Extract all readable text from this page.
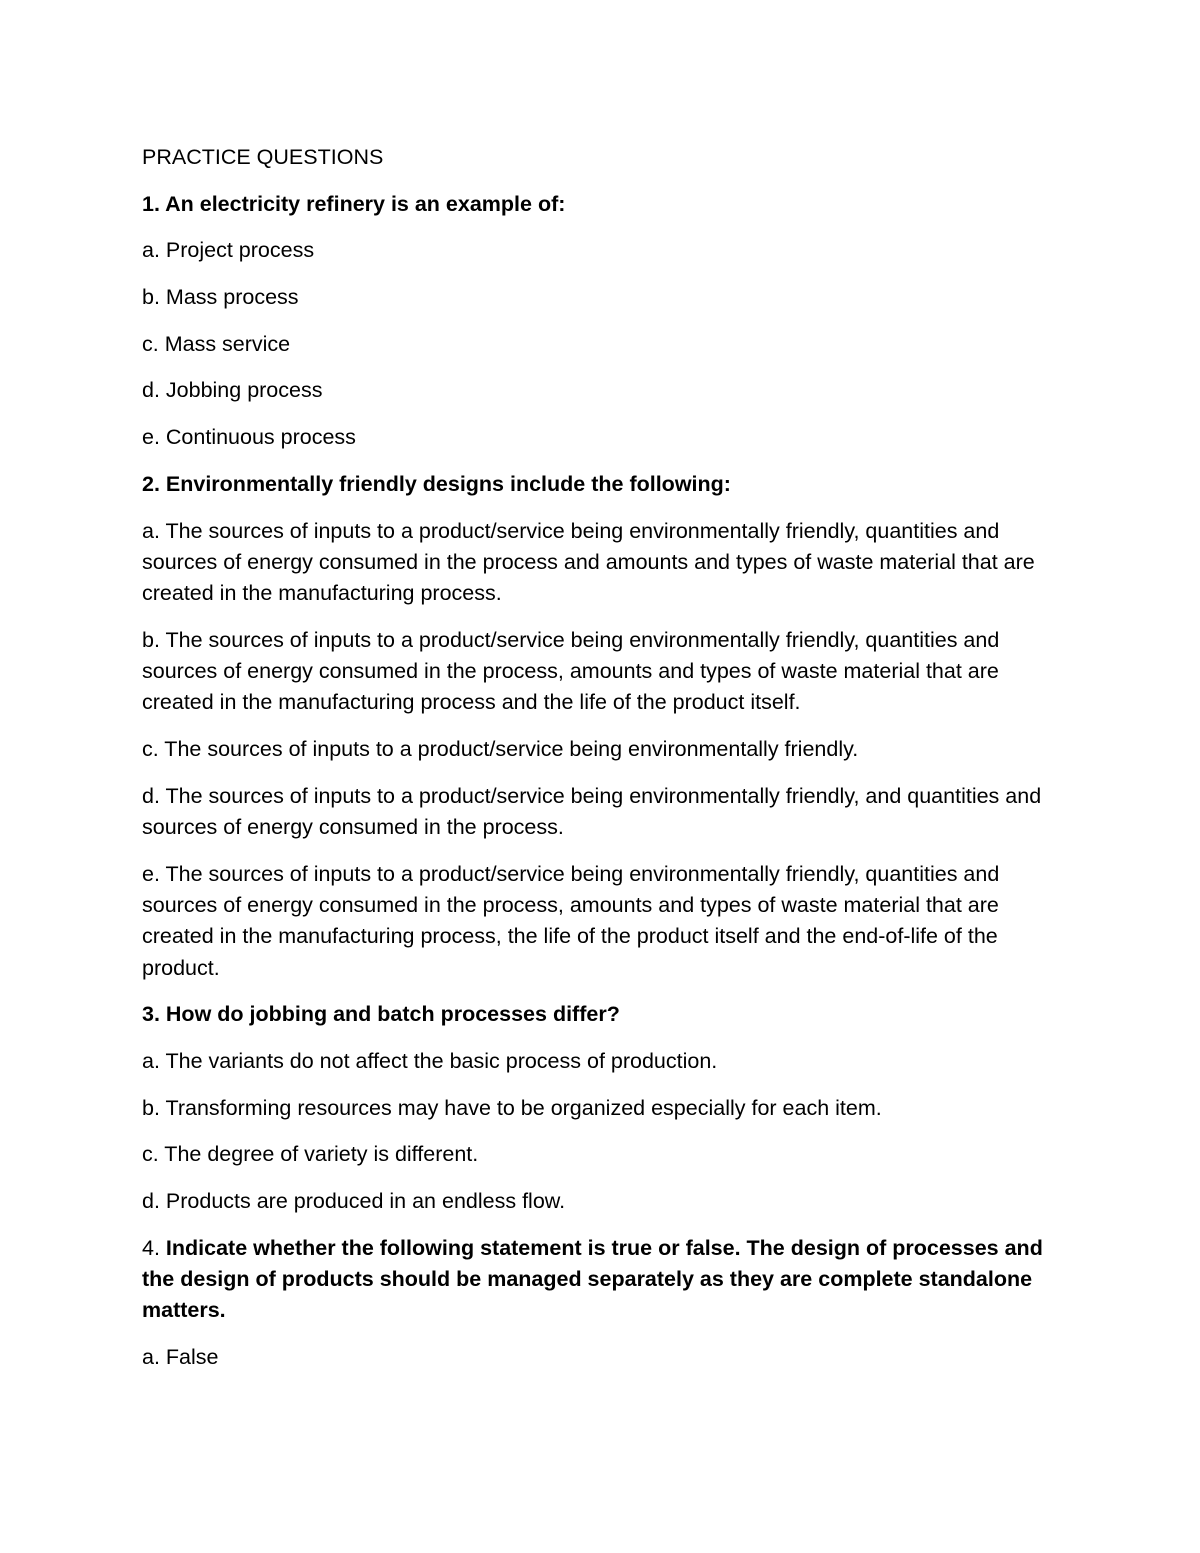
PRACTICE QUESTIONS

1. An electricity refinery is an example of:

a. Project process

b. Mass process

c. Mass service

d. Jobbing process

e. Continuous process

2. Environmentally friendly designs include the following:

a. The sources of inputs to a product/service being environmentally friendly, quantities and sources of energy consumed in the process and amounts and types of waste material that are created in the manufacturing process.

b. The sources of inputs to a product/service being environmentally friendly, quantities and sources of energy consumed in the process, amounts and types of waste material that are created in the manufacturing process and the life of the product itself.

c. The sources of inputs to a product/service being environmentally friendly.

d. The sources of inputs to a product/service being environmentally friendly, and quantities and sources of energy consumed in the process.

e. The sources of inputs to a product/service being environmentally friendly, quantities and sources of energy consumed in the process, amounts and types of waste material that are created in the manufacturing process, the life of the product itself and the end-of-life of the product.

3. How do jobbing and batch processes differ?

a. The variants do not affect the basic process of production.

b. Transforming resources may have to be organized especially for each item.

c. The degree of variety is different.

d. Products are produced in an endless flow.

4. Indicate whether the following statement is true or false. The design of processes and the design of products should be managed separately as they are complete standalone matters.

a. False
